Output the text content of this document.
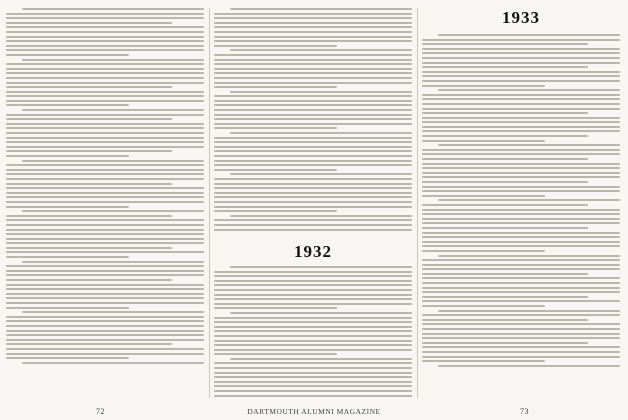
1932
1933
72	DARTMOUTH ALUMNI MAGAZINE	73
